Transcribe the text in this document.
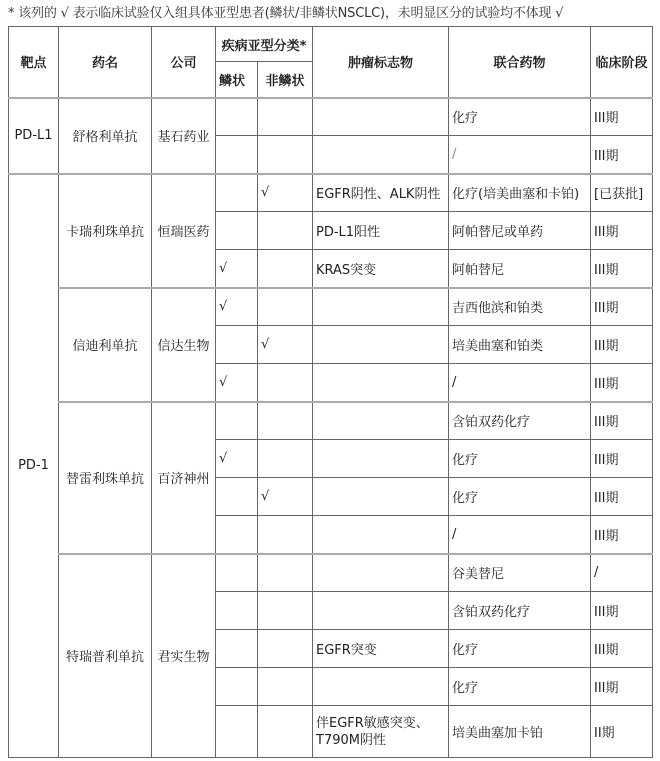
* 该列的 √ 表示临床试验仅入组具体亚型患者(鳞状/非鳞状NSCLC)，未明显区分的试验均不体现 √
靶点	药名	公司	疾病亚型分类*		肿瘤标志物	联合药物	临床阶段
			鳞状	非鳞状			
PD-L1	舒格利单抗	基石药业				化疗	III期
						/	III期
PD-1	卡瑞利珠单抗	恒瑞医药		√	EGFR阴性、ALK阴性	化疗(培美曲塞和卡铂)	[已获批]
					PD-L1阳性	阿帕替尼或单药	III期
			√		KRAS突变	阿帕替尼	III期
	信迪利单抗	信达生物	√			吉西他滨和铂类	III期
				√		培美曲塞和铂类	III期
			√			/	III期
	替雷利珠单抗	百济神州				含铂双药化疗	III期
			√			化疗	III期
				√		化疗	III期
						/	III期
	特瑞普利单抗	君实生物				谷美替尼	/
						含铂双药化疗	III期
					EGFR突变	化疗	III期
						化疗	III期

					伴EGFR敏感突变、
T790M阴性	培美曲塞加卡铂	II期
